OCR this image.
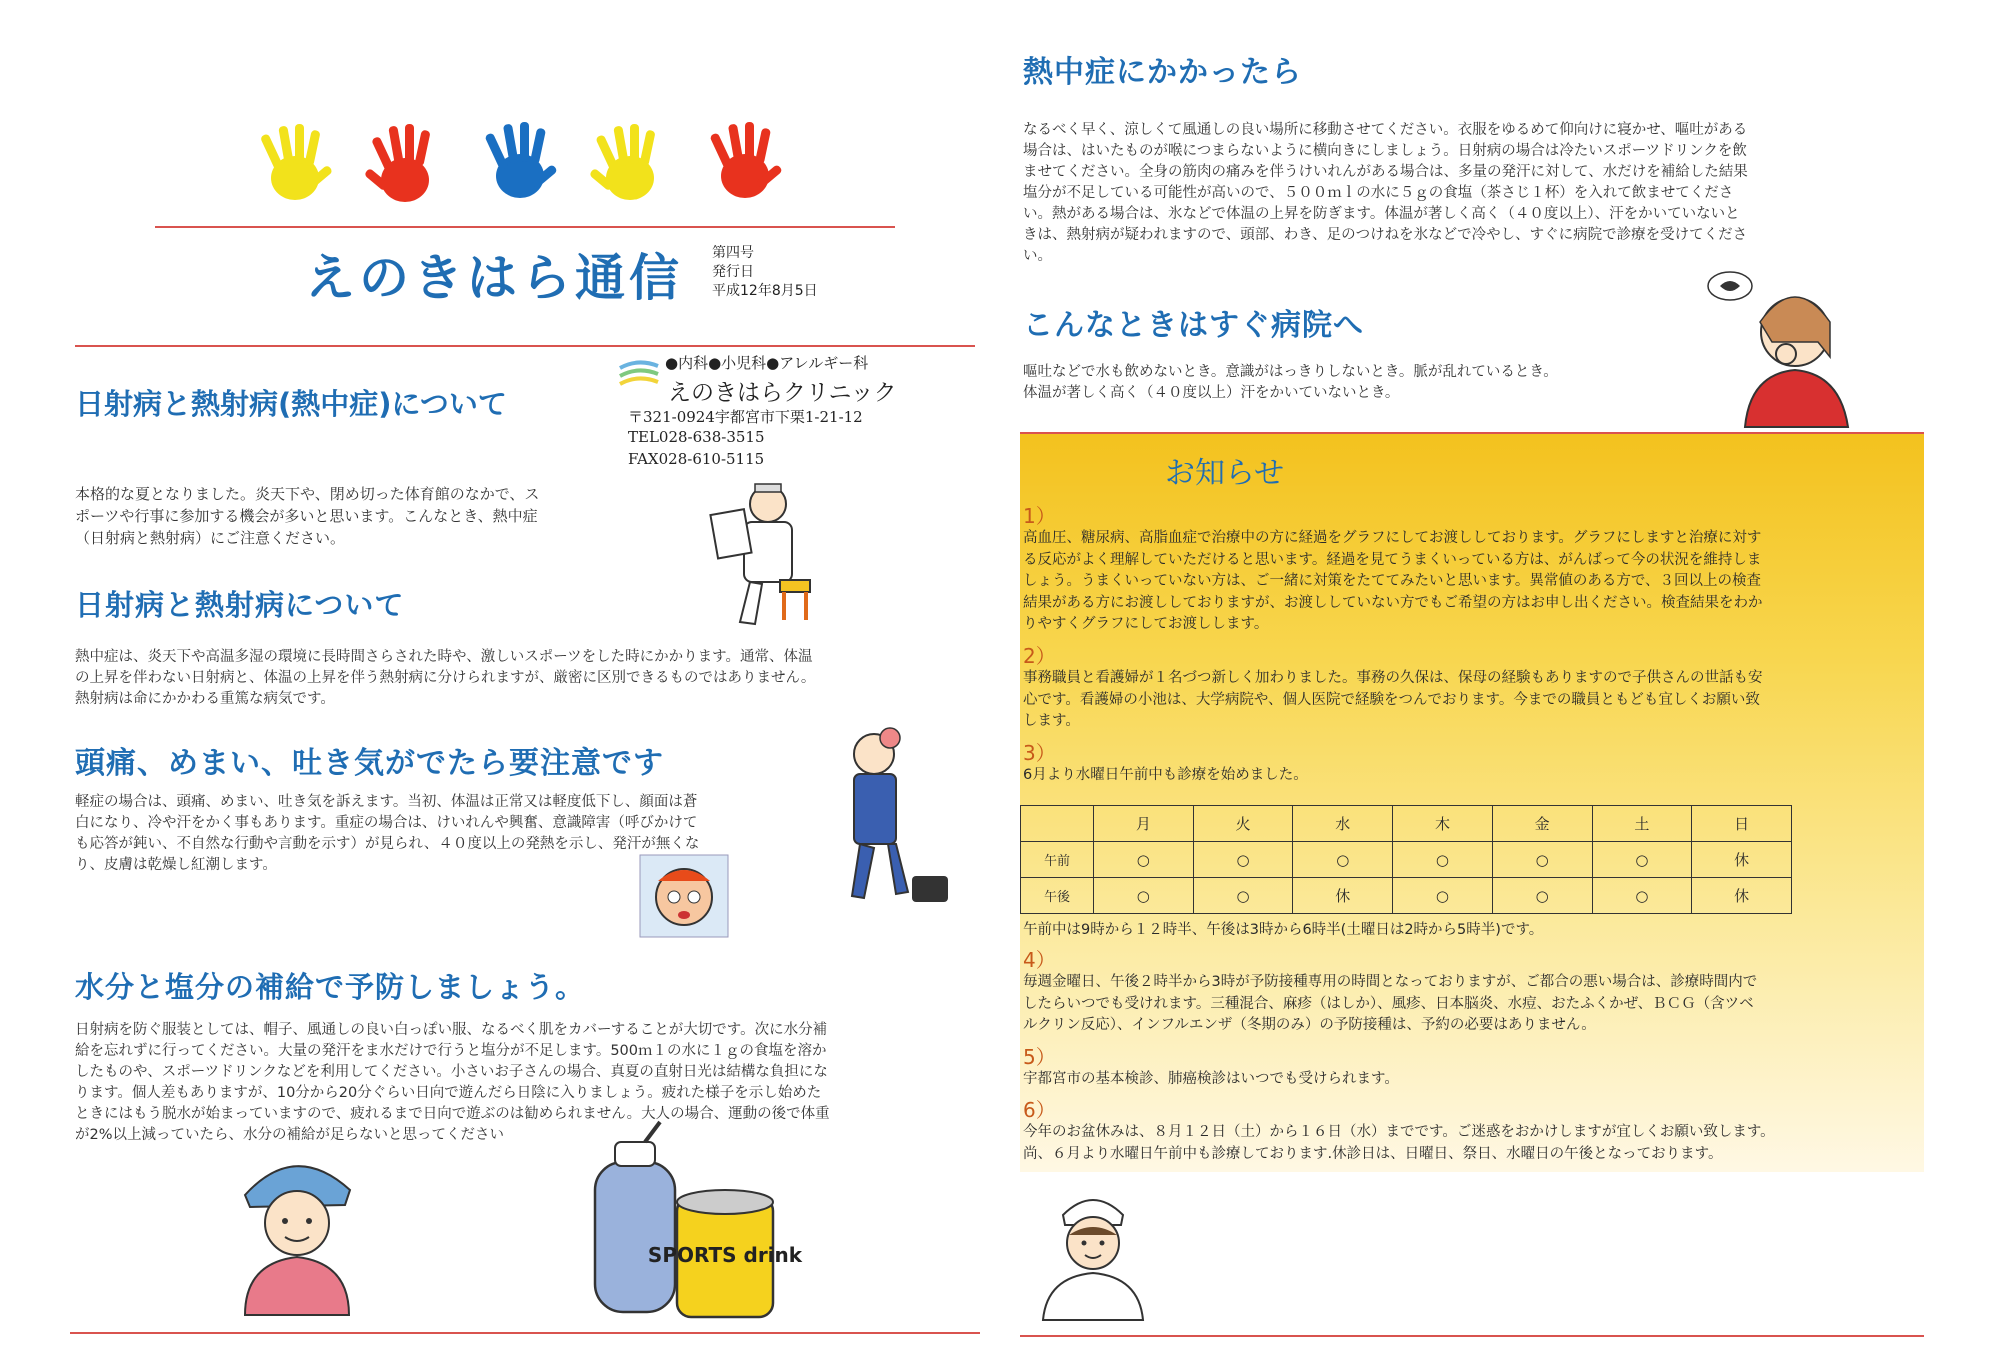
えのきはら通信 第四号
発行日
平成12年8月5日
●内科●小児科●アレルギー科
えのきはらクリニック
〒321-0924宇都宮市下栗1-21-12
TEL028-638-3515
FAX028-610-5115
日射病と熱射病(熱中症)について
本格的な夏となりました。炎天下や、閉め切った体育館のなかで、ス
ポーツや行事に参加する機会が多いと思います。こんなとき、熱中症
（日射病と熱射病）にご注意ください。
日射病と熱射病について
熱中症は、炎天下や高温多湿の環境に長時間さらされた時や、激しいスポーツをした時にかかります。通常、体温
の上昇を伴わない日射病と、体温の上昇を伴う熱射病に分けられますが、厳密に区別できるものではありません。
熱射病は命にかかわる重篤な病気です。
頭痛、めまい、吐き気がでたら要注意です
軽症の場合は、頭痛、めまい、吐き気を訴えます。当初、体温は正常又は軽度低下し、顔面は蒼
白になり、冷や汗をかく事もあります。重症の場合は、けいれんや興奮、意識障害（呼びかけて
も応答が鈍い、不自然な行動や言動を示す）が見られ、４０度以上の発熱を示し、発汗が無くな
り、皮膚は乾燥し紅潮します。
水分と塩分の補給で予防しましょう。
日射病を防ぐ服装としては、帽子、風通しの良い白っぽい服、なるべく肌をカバーすることが大切です。次に水分補
給を忘れずに行ってください。大量の発汗をま水だけで行うと塩分が不足します。500ｍ１の水に１ｇの食塩を溶か
したものや、スポーツドリンクなどを利用してください。小さいお子さんの場合、真夏の直射日光は結構な負担にな
ります。個人差もありますが、10分から20分ぐらい日向で遊んだら日陰に入りましょう。疲れた様子を示し始めた
ときにはもう脱水が始まっていますので、疲れるまで日向で遊ぶのは勧められません。大人の場合、運動の後で体重
が2%以上減っていたら、水分の補給が足らないと思ってください
SPORTS drink
熱中症にかかったら
なるべく早く、涼しくて風通しの良い場所に移動させてください。衣服をゆるめて仰向けに寝かせ、嘔吐がある
場合は、はいたものが喉につまらないように横向きにしましょう。日射病の場合は冷たいスポーツドリンクを飲
ませてください。全身の筋肉の痛みを伴うけいれんがある場合は、多量の発汗に対して、水だけを補給した結果
塩分が不足している可能性が高いので、５００ｍｌの水に５ｇの食塩（茶さじ１杯）を入れて飲ませてくださ
い。熱がある場合は、氷などで体温の上昇を防ぎます。体温が著しく高く（４０度以上）、汗をかいていないと
きは、熱射病が疑われますので、頭部、わき、足のつけねを氷などで冷やし、すぐに病院で診療を受けてくださ
い。
こんなときはすぐ病院へ
嘔吐などで水も飲めないとき。意識がはっきりしないとき。脈が乱れているとき。
体温が著しく高く（４０度以上）汗をかいていないとき。
お知らせ
1）
高血圧、糖尿病、高脂血症で治療中の方に経過をグラフにしてお渡ししております。グラフにしますと治療に対す
る反応がよく理解していただけると思います。経過を見てうまくいっている方は、がんばって今の状況を維持しま
しょう。うまくいっていない方は、ご一緒に対策をたててみたいと思います。異常値のある方で、３回以上の検査
結果がある方にお渡ししておりますが、お渡ししていない方でもご希望の方はお申し出ください。検査結果をわか
りやすくグラフにしてお渡しします。
2）
事務職員と看護婦が１名づつ新しく加わりました。事務の久保は、保母の経験もありますので子供さんの世話も安
心です。看護婦の小池は、大学病院や、個人医院で経験をつんでおります。今までの職員ともども宜しくお願い致
します。
3）
6月より水曜日午前中も診療を始めました。
	月	火	水	木	金	土	日
午前	○	○	○	○	○	○	休
午後	○	○	休	○	○	○	休
午前中は9時から１２時半、午後は3時から6時半(土曜日は2時から5時半)です。
4）
毎週金曜日、午後２時半から3時が予防接種専用の時間となっておりますが、ご都合の悪い場合は、診療時間内で
したらいつでも受けれます。三種混合、麻疹（はしか）、風疹、日本脳炎、水痘、おたふくかぜ、ＢＣＧ（含ツベ
ルクリン反応）、インフルエンザ（冬期のみ）の予防接種は、予約の必要はありません。
5）
宇都宮市の基本検診、肺癌検診はいつでも受けられます。
6）
今年のお盆休みは、８月１２日（土）から１６日（水）までです。ご迷惑をおかけしますが宜しくお願い致します。
尚、６月より水曜日午前中も診療しております.休診日は、日曜日、祭日、水曜日の午後となっております。
